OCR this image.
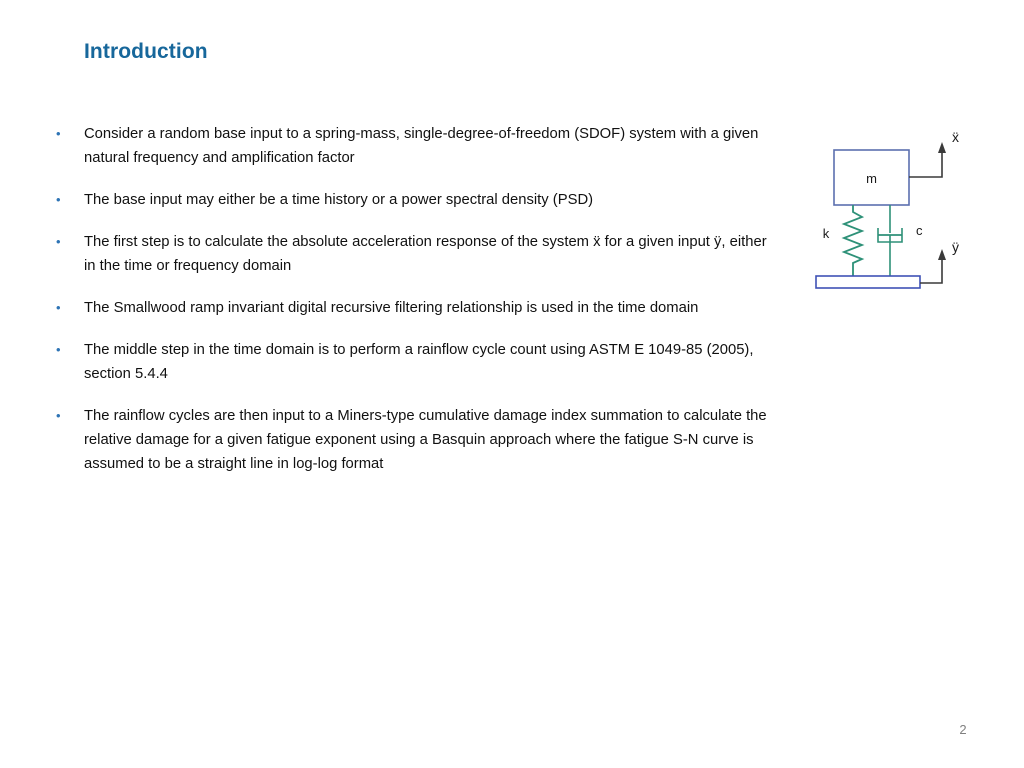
Introduction
•	Consider a random base input to a spring-mass, single-degree-of-freedom (SDOF) system with a given natural frequency and amplification factor
•	The base input may either be a time history or a power spectral density (PSD)
•	The first step is to calculate the absolute acceleration response of the system ẍ for a given input ÿ, either in the time or frequency domain
•	The Smallwood ramp invariant digital recursive filtering relationship is used in the time domain
•	The middle step in the time domain is to perform a rainflow cycle count using ASTM E 1049-85 (2005), section 5.4.4
•	The rainflow cycles are then input to a Miners-type cumulative damage index summation to calculate the relative damage for a given fatigue exponent using a Basquin approach where the fatigue S-N curve is assumed to be a straight line in log-log format
m
k	c
ẍ
ÿ
2
